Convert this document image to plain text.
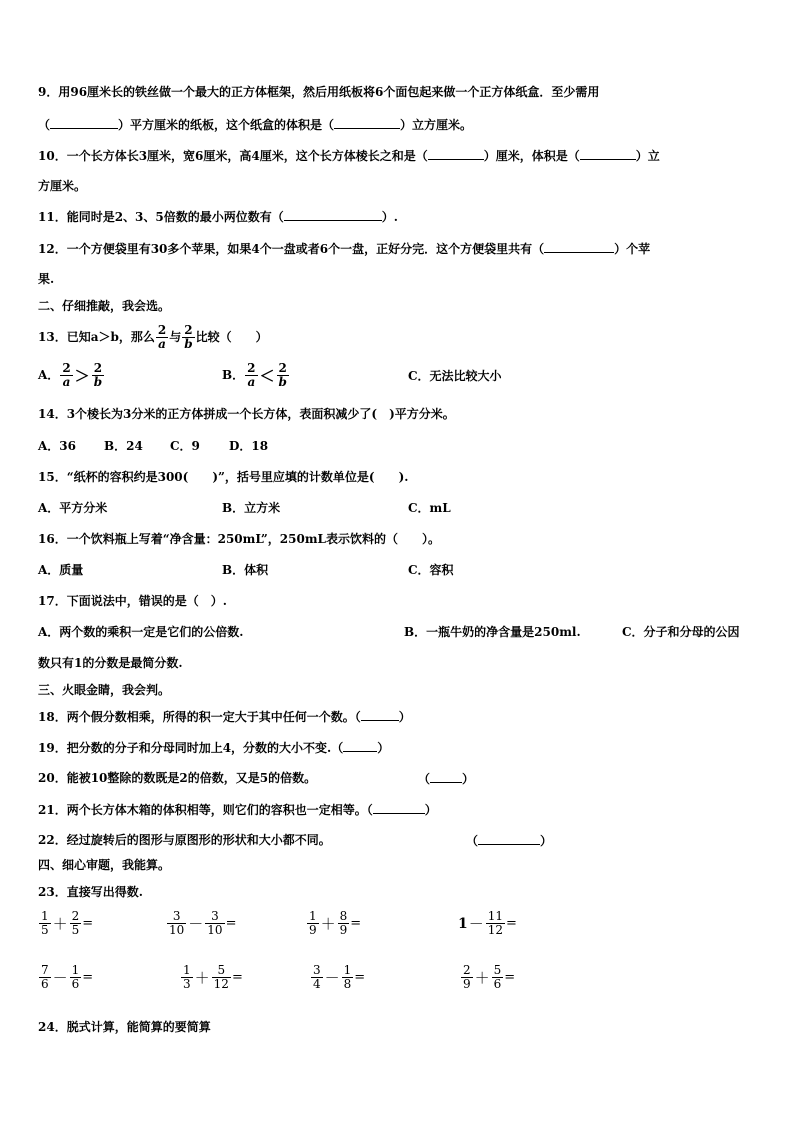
9．用96厘米长的铁丝做一个最大的正方体框架，然后用纸板将6个面包起来做一个正方体纸盒．至少需用
（	）平方厘米的纸板，这个纸盒的体积是（	）立方厘米。
10．一个长方体长3厘米，宽6厘米，高4厘米，这个长方体棱长之和是（	）厘米，体积是（	）立
方厘米。
11．能同时是2、3、5倍数的最小两位数有（	）.
12．一个方便袋里有30多个苹果，如果4个一盘或者6个一盘，正好分完．这个方便袋里共有（	）个苹
果.
二、仔细推敲，我会选。
13．已知a＞b，那么 $\frac{2}{a}$ 与 $\frac{2}{b}$ 比较（　　）
A． $\frac{2}{a} > \frac{2}{b}$	B． $\frac{2}{a} < \frac{2}{b}$	C．无法比较大小
14．3个棱长为3分米的正方体拼成一个长方体，表面积减少了(　)平方分米。
A．36 B．24 C．9 D．18
15．“纸杯的容积约是300(　　)”，括号里应填的计数单位是(　　).
A．平方分米	B．立方米	C．mL
16．一个饮料瓶上写着“净含量：250mL”，250mL表示饮料的（　　）。
A．质量	B．体积	C．容积
17．下面说法中，错误的是（　）.
A．两个数的乘积一定是它们的公倍数.	B．一瓶牛奶的净含量是250ml.	C．分子和分母的公因
数只有1的分数是最简分数.
三、火眼金睛，我会判。
18．两个假分数相乘，所得的积一定大于其中任何一个数。（	）
19．把分数的分子和分母同时加上4，分数的大小不变.（	）
20．能被10整除的数既是2的倍数，又是5的倍数。	（	）
21．两个长方体木箱的体积相等，则它们的容积也一定相等。（	）
22．经过旋转后的图形与原图形的形状和大小都不同。	（	）
四、细心审题，我能算。
23．直接写出得数.
$\frac{1}{5} + \frac{2}{5}$ =	$\frac{3}{10} - \frac{3}{10}$ =	$\frac{1}{9} + \frac{8}{9}$ =	$1- \frac{11}{12}$ =
$\frac{7}{6} - \frac{1}{6}$ =	$\frac{1}{3} + \frac{5}{12}$ =	$\frac{3}{4} - \frac{1}{8}$ =	$\frac{2}{9} + \frac{5}{6}$ =
24．脱式计算，能简算的要简算
